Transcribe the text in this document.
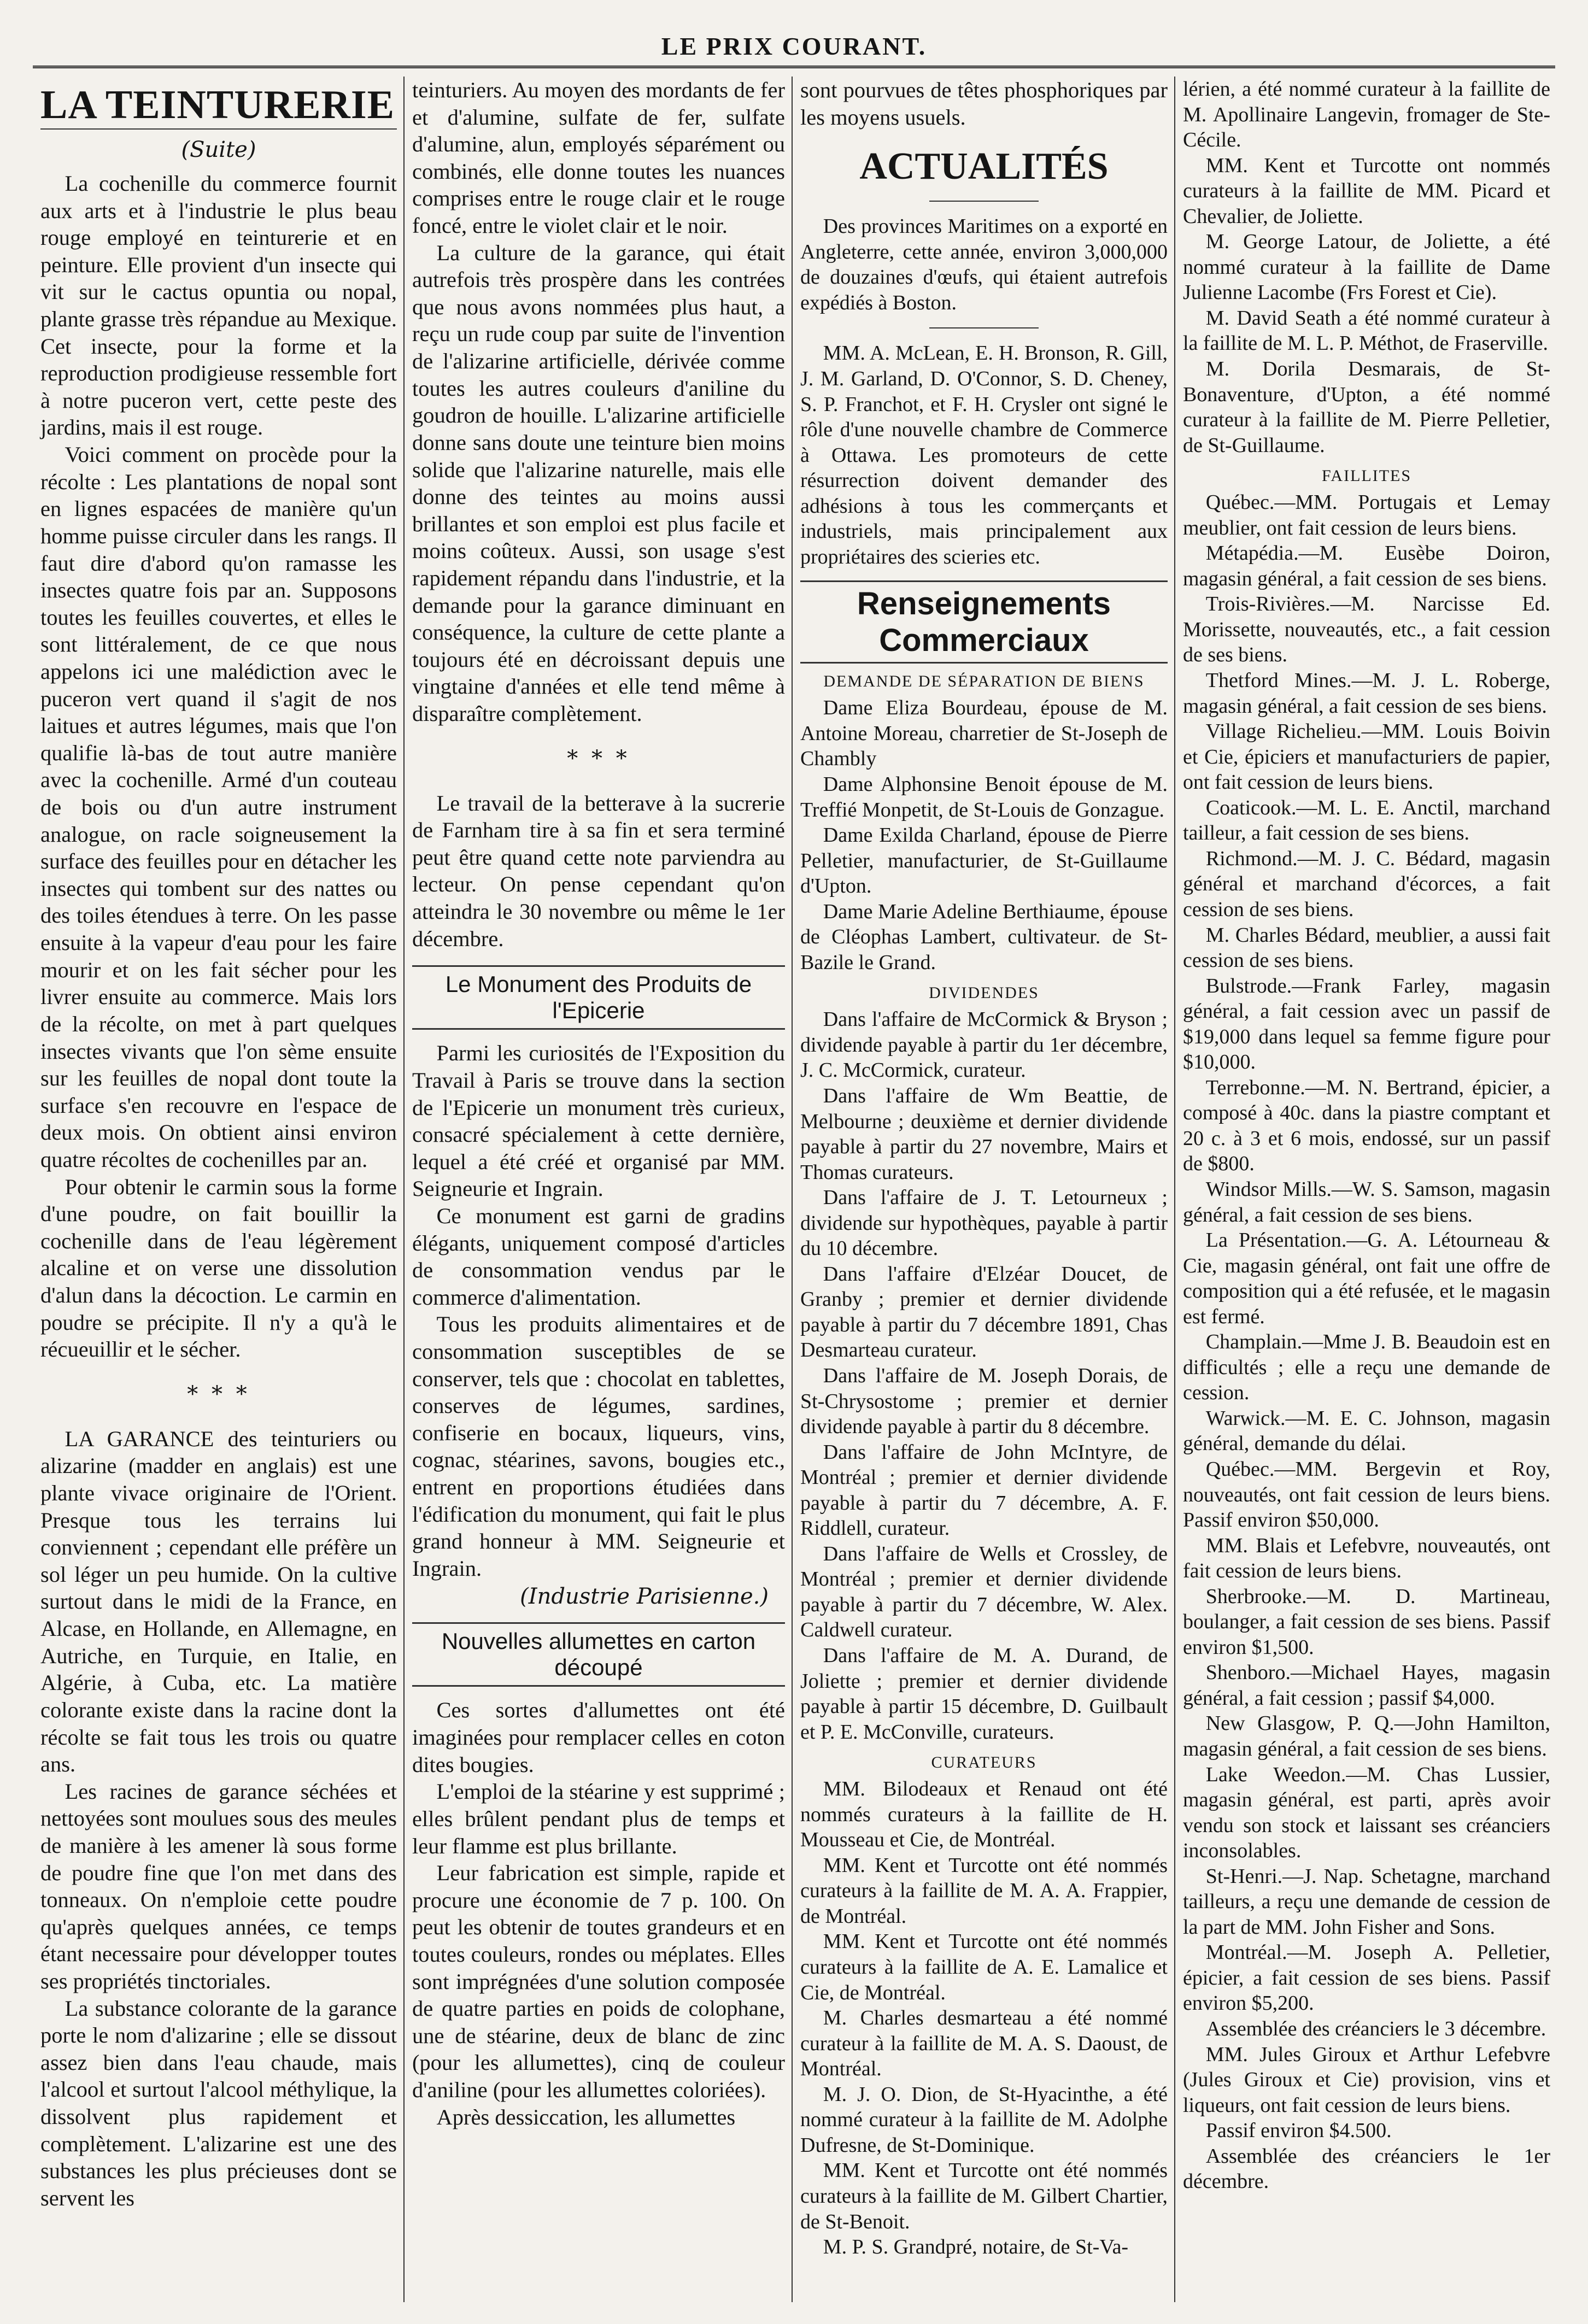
LE PRIX COURANT.
LA TEINTURERIE
(Suite)

La cochenille du commerce fournit aux arts et à l'industrie le plus beau rouge employé en teinturerie et en peinture. Elle provient d'un insecte qui vit sur le cactus opuntia ou nopal, plante grasse très répandue au Mexique. Cet insecte, pour la forme et la reproduction prodigieuse ressemble fort à notre puceron vert, cette peste des jardins, mais il est rouge.

Voici comment on procède pour la récolte : Les plantations de nopal sont en lignes espacées de manière qu'un homme puisse circuler dans les rangs. Il faut dire d'abord qu'on ramasse les insectes quatre fois par an. Supposons toutes les feuilles couvertes, et elles le sont littéralement, de ce que nous appelons ici une malédiction avec le puceron vert quand il s'agit de nos laitues et autres légumes, mais que l'on qualifie là-bas de tout autre manière avec la cochenille. Armé d'un couteau de bois ou d'un autre instrument analogue, on racle soigneusement la surface des feuilles pour en détacher les insectes qui tombent sur des nattes ou des toiles étendues à terre. On les passe ensuite à la vapeur d'eau pour les faire mourir et on les fait sécher pour les livrer ensuite au commerce. Mais lors de la récolte, on met à part quelques insectes vivants que l'on sème ensuite sur les feuilles de nopal dont toute la surface s'en recouvre en l'espace de deux mois. On obtient ainsi environ quatre récoltes de cochenilles par an.

Pour obtenir le carmin sous la forme d'une poudre, on fait bouillir la cochenille dans de l'eau légèrement alcaline et on verse une dissolution d'alun dans la décoction. Le carmin en poudre se précipite. Il n'y a qu'à le récueuillir et le sécher.

* * *

LA GARANCE des teinturiers ou alizarine (madder en anglais) est une plante vivace originaire de l'Orient. Presque tous les terrains lui conviennent ; cependant elle préfère un sol léger un peu humide. On la cultive surtout dans le midi de la France, en Alcase, en Hollande, en Allemagne, en Autriche, en Turquie, en Italie, en Algérie, à Cuba, etc. La matière colorante existe dans la racine dont la récolte se fait tous les trois ou quatre ans.

Les racines de garance séchées et nettoyées sont moulues sous des meules de manière à les amener là sous forme de poudre fine que l'on met dans des tonneaux. On n'emploie cette poudre qu'après quelques années, ce temps étant necessaire pour développer toutes ses propriétés tinctoriales.

La substance colorante de la garance porte le nom d'alizarine ; elle se dissout assez bien dans l'eau chaude, mais l'alcool et surtout l'alcool méthylique, la dissolvent plus rapidement et complètement. L'alizarine est une des substances les plus précieuses dont se servent les

teinturiers. Au moyen des mordants de fer et d'alumine, sulfate de fer, sulfate d'alumine, alun, employés séparément ou combinés, elle donne toutes les nuances comprises entre le rouge clair et le rouge foncé, entre le violet clair et le noir.

La culture de la garance, qui était autrefois très prospère dans les contrées que nous avons nommées plus haut, a reçu un rude coup par suite de l'invention de l'alizarine artificielle, dérivée comme toutes les autres couleurs d'aniline du goudron de houille. L'alizarine artificielle donne sans doute une teinture bien moins solide que l'alizarine naturelle, mais elle donne des teintes au moins aussi brillantes et son emploi est plus facile et moins coûteux. Aussi, son usage s'est rapidement répandu dans l'industrie, et la demande pour la garance diminuant en conséquence, la culture de cette plante a toujours été en décroissant depuis une vingtaine d'années et elle tend même à disparaître complètement.

* * *

Le travail de la betterave à la sucrerie de Farnham tire à sa fin et sera terminé peut être quand cette note parviendra au lecteur. On pense cependant qu'on atteindra le 30 novembre ou même le 1er décembre.

Le Monument des Produits de l'Epicerie

Parmi les curiosités de l'Exposition du Travail à Paris se trouve dans la section de l'Epicerie un monument très curieux, consacré spécialement à cette dernière, lequel a été créé et organisé par MM. Seigneurie et Ingrain.

Ce monument est garni de gradins élégants, uniquement composé d'articles de consommation vendus par le commerce d'alimentation.

Tous les produits alimentaires et de consommation susceptibles de se conserver, tels que : chocolat en tablettes, conserves de légumes, sardines, confiserie en bocaux, liqueurs, vins, cognac, stéarines, savons, bougies etc., entrent en proportions étudiées dans l'édification du monument, qui fait le plus grand honneur à MM. Seigneurie et Ingrain.

(Industrie Parisienne.)
Nouvelles allumettes en carton découpé

Ces sortes d'allumettes ont été imaginées pour remplacer celles en coton dites bougies.

L'emploi de la stéarine y est supprimé ; elles brûlent pendant plus de temps et leur flamme est plus brillante.

Leur fabrication est simple, rapide et procure une économie de 7 p. 100. On peut les obtenir de toutes grandeurs et en toutes couleurs, rondes ou méplates. Elles sont imprégnées d'une solution composée de quatre parties en poids de colophane, une de stéarine, deux de blanc de zinc (pour les allumettes), cinq de couleur d'aniline (pour les allumettes coloriées).

Après dessiccation, les allumettes

sont pourvues de têtes phosphoriques par les moyens usuels.

ACTUALITÉS

Des provinces Maritimes on a exporté en Angleterre, cette année, environ 3,000,000 de douzaines d'œufs, qui étaient autrefois expédiés à Boston.

MM. A. McLean, E. H. Bronson, R. Gill, J. M. Garland, D. O'Connor, S. D. Cheney, S. P. Franchot, et F. H. Crysler ont signé le rôle d'une nouvelle chambre de Commerce à Ottawa. Les promoteurs de cette résurrection doivent demander des adhésions à tous les commerçants et industriels, mais principalement aux propriétaires des scieries etc.

Renseignements Commerciaux
DEMANDE DE SÉPARATION DE BIENS

Dame Eliza Bourdeau, épouse de M. Antoine Moreau, charretier de St-Joseph de Chambly

Dame Alphonsine Benoit épouse de M. Treffié Monpetit, de St-Louis de Gonzague.

Dame Exilda Charland, épouse de Pierre Pelletier, manufacturier, de St-Guillaume d'Upton.

Dame Marie Adeline Berthiaume, épouse de Cléophas Lambert, cultivateur. de St-Bazile le Grand.

DIVIDENDES

Dans l'affaire de McCormick & Bryson ; dividende payable à partir du 1er décembre, J. C. McCormick, curateur.

Dans l'affaire de Wm Beattie, de Melbourne ; deuxième et dernier dividende payable à partir du 27 novembre, Mairs et Thomas curateurs.

Dans l'affaire de J. T. Letourneux ; dividende sur hypothèques, payable à partir du 10 décembre.

Dans l'affaire d'Elzéar Doucet, de Granby ; premier et dernier dividende payable à partir du 7 décembre 1891, Chas Desmarteau curateur.

Dans l'affaire de M. Joseph Dorais, de St-Chrysostome ; premier et dernier dividende payable à partir du 8 décembre.

Dans l'affaire de John McIntyre, de Montréal ; premier et dernier dividende payable à partir du 7 décembre, A. F. Riddlell, curateur.

Dans l'affaire de Wells et Crossley, de Montréal ; premier et dernier dividende payable à partir du 7 décembre, W. Alex. Caldwell curateur.

Dans l'affaire de M. A. Durand, de Joliette ; premier et dernier dividende payable à partir 15 décembre, D. Guilbault et P. E. McConville, curateurs.

CURATEURS

MM. Bilodeaux et Renaud ont été nommés curateurs à la faillite de H. Mousseau et Cie, de Montréal.

MM. Kent et Turcotte ont été nommés curateurs à la faillite de M. A. A. Frappier, de Montréal.

MM. Kent et Turcotte ont été nommés curateurs à la faillite de A. E. Lamalice et Cie, de Montréal.

M. Charles desmarteau a été nommé curateur à la faillite de M. A. S. Daoust, de Montréal.

M. J. O. Dion, de St-Hyacinthe, a été nommé curateur à la faillite de M. Adolphe Dufresne, de St-Dominique.

MM. Kent et Turcotte ont été nommés curateurs à la faillite de M. Gilbert Chartier, de St-Benoit.

M. P. S. Grandpré, notaire, de St-Va-

lérien, a été nommé curateur à la faillite de M. Apollinaire Langevin, fromager de Ste-Cécile.

MM. Kent et Turcotte ont nommés curateurs à la faillite de MM. Picard et Chevalier, de Joliette.

M. George Latour, de Joliette, a été nommé curateur à la faillite de Dame Julienne Lacombe (Frs Forest et Cie).

M. David Seath a été nommé curateur à la faillite de M. L. P. Méthot, de Fraserville.

M. Dorila Desmarais, de St-Bonaventure, d'Upton, a été nommé curateur à la faillite de M. Pierre Pelletier, de St-Guillaume.

FAILLITES

Québec.—MM. Portugais et Lemay meublier, ont fait cession de leurs biens.

Métapédia.—M. Eusèbe Doiron, magasin général, a fait cession de ses biens.

Trois-Rivières.—M. Narcisse Ed. Morissette, nouveautés, etc., a fait cession de ses biens.

Thetford Mines.—M. J. L. Roberge, magasin général, a fait cession de ses biens.

Village Richelieu.—MM. Louis Boivin et Cie, épiciers et manufacturiers de papier, ont fait cession de leurs biens.

Coaticook.—M. L. E. Anctil, marchand tailleur, a fait cession de ses biens.

Richmond.—M. J. C. Bédard, magasin général et marchand d'écorces, a fait cession de ses biens.

M. Charles Bédard, meublier, a aussi fait cession de ses biens.

Bulstrode.—Frank Farley, magasin général, a fait cession avec un passif de $19,000 dans lequel sa femme figure pour $10,000.

Terrebonne.—M. N. Bertrand, épicier, a composé à 40c. dans la piastre comptant et 20 c. à 3 et 6 mois, endossé, sur un passif de $800.

Windsor Mills.—W. S. Samson, magasin général, a fait cession de ses biens.

La Présentation.—G. A. Létourneau & Cie, magasin général, ont fait une offre de composition qui a été refusée, et le magasin est fermé.

Champlain.—Mme J. B. Beaudoin est en difficultés ; elle a reçu une demande de cession.

Warwick.—M. E. C. Johnson, magasin général, demande du délai.

Québec.—MM. Bergevin et Roy, nouveautés, ont fait cession de leurs biens. Passif environ $50,000.

MM. Blais et Lefebvre, nouveautés, ont fait cession de leurs biens.

Sherbrooke.—M. D. Martineau, boulanger, a fait cession de ses biens. Passif environ $1,500.

Shenboro.—Michael Hayes, magasin général, a fait cession ; passif $4,000.

New Glasgow, P. Q.—John Hamilton, magasin général, a fait cession de ses biens.

Lake Weedon.—M. Chas Lussier, magasin général, est parti, après avoir vendu son stock et laissant ses créanciers inconsolables.

St-Henri.—J. Nap. Schetagne, marchand tailleurs, a reçu une demande de cession de la part de MM. John Fisher and Sons.

Montréal.—M. Joseph A. Pelletier, épicier, a fait cession de ses biens. Passif environ $5,200.

Assemblée des créanciers le 3 décembre.

MM. Jules Giroux et Arthur Lefebvre (Jules Giroux et Cie) provision, vins et liqueurs, ont fait cession de leurs biens.

Passif environ $4.500.

Assemblée des créanciers le 1er décembre.
